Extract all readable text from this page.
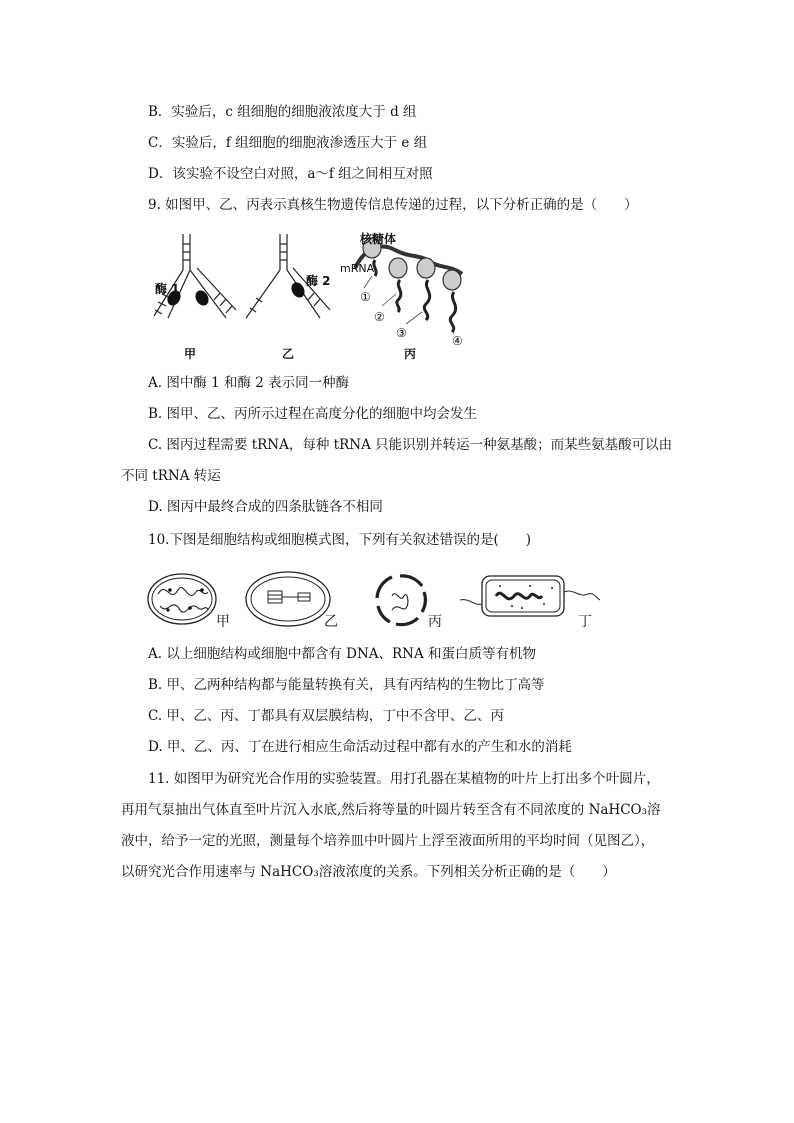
B．实验后，c 组细胞的细胞液浓度大于 d 组
C．实验后，f 组细胞的细胞液渗透压大于 e 组
D．该实验不设空白对照，a～f 组之间相互对照
9. 如图甲、乙、丙表示真核生物遗传信息传递的过程，以下分析正确的是（　　）
核糖体
mRNA
酶 1
酶 2
①
②
③
④
甲	乙	丙
A. 图中酶 1 和酶 2 表示同一种酶
B. 图甲、乙、丙所示过程在高度分化的细胞中均会发生
C. 图丙过程需要 tRNA，每种 tRNA 只能识别并转运一种氨基酸；而某些氨基酸可以由
不同 tRNA 转运
D. 图丙中最终合成的四条肽链各不相同
10.下图是细胞结构或细胞模式图，下列有关叙述错误的是(　　)
甲	乙	丙	丁
A. 以上细胞结构或细胞中都含有 DNA、RNA 和蛋白质等有机物
B. 甲、乙两种结构都与能量转换有关，具有丙结构的生物比丁高等
C. 甲、乙、丙、丁都具有双层膜结构，丁中不含甲、乙、丙
D. 甲、乙、丙、丁在进行相应生命活动过程中都有水的产生和水的消耗
11. 如图甲为研究光合作用的实验装置。用打孔器在某植物的叶片上打出多个叶圆片，
再用气泵抽出气体直至叶片沉入水底,然后将等量的叶圆片转至含有不同浓度的 NaHCO₃溶
液中，给予一定的光照，测量每个培养皿中叶圆片上浮至液面所用的平均时间（见图乙），
以研究光合作用速率与 NaHCO₃溶液浓度的关系。下列相关分析正确的是（　　）
